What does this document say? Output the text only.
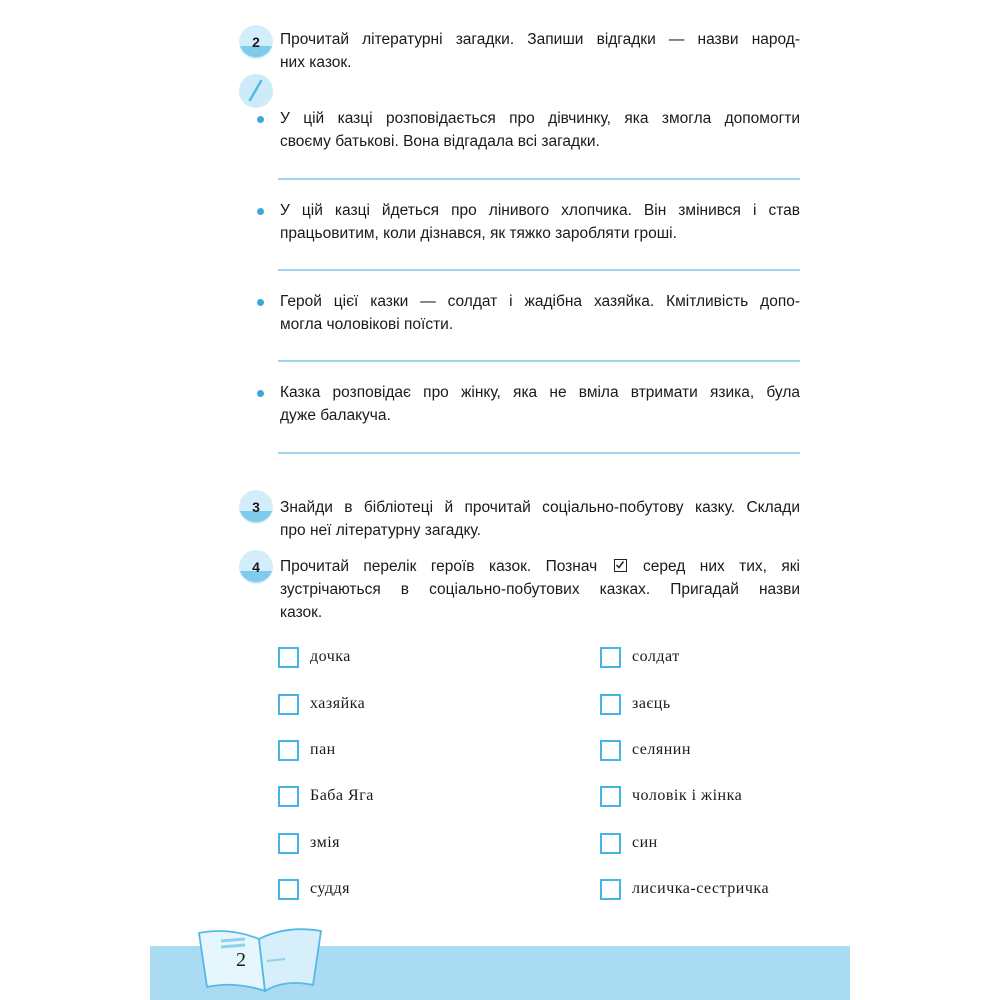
2 Прочитай літературні загадки. Запиши відгадки — назви народ-
них казок.
У цій казці розповідається про дівчинку, яка змогла допомогти
своєму батькові. Вона відгадала всі загадки.
У цій казці йдеться про лінивого хлопчика. Він змінився і став
працьовитим, коли дізнався, як тяжко заробляти гроші.
Герой цієї казки — солдат і жадібна хазяйка. Кмітливість допо-
могла чоловікові поїсти.
Казка розповідає про жінку, яка не вміла втримати язика, була
дуже балакуча.
3 Знайди в бібліотеці й прочитай соціально-побутову казку. Склади
про неї літературну загадку.
4 Прочитай перелік героїв казок. Познач	серед них тих, які
зустрічаються в соціально-побутових казках. Пригадай назви
казок.
дочка
хазяйка
пан
Баба Яга
змія
суддя
солдат
заєць
селянин
чоловік і жінка
син
лисичка-сестричка
2
